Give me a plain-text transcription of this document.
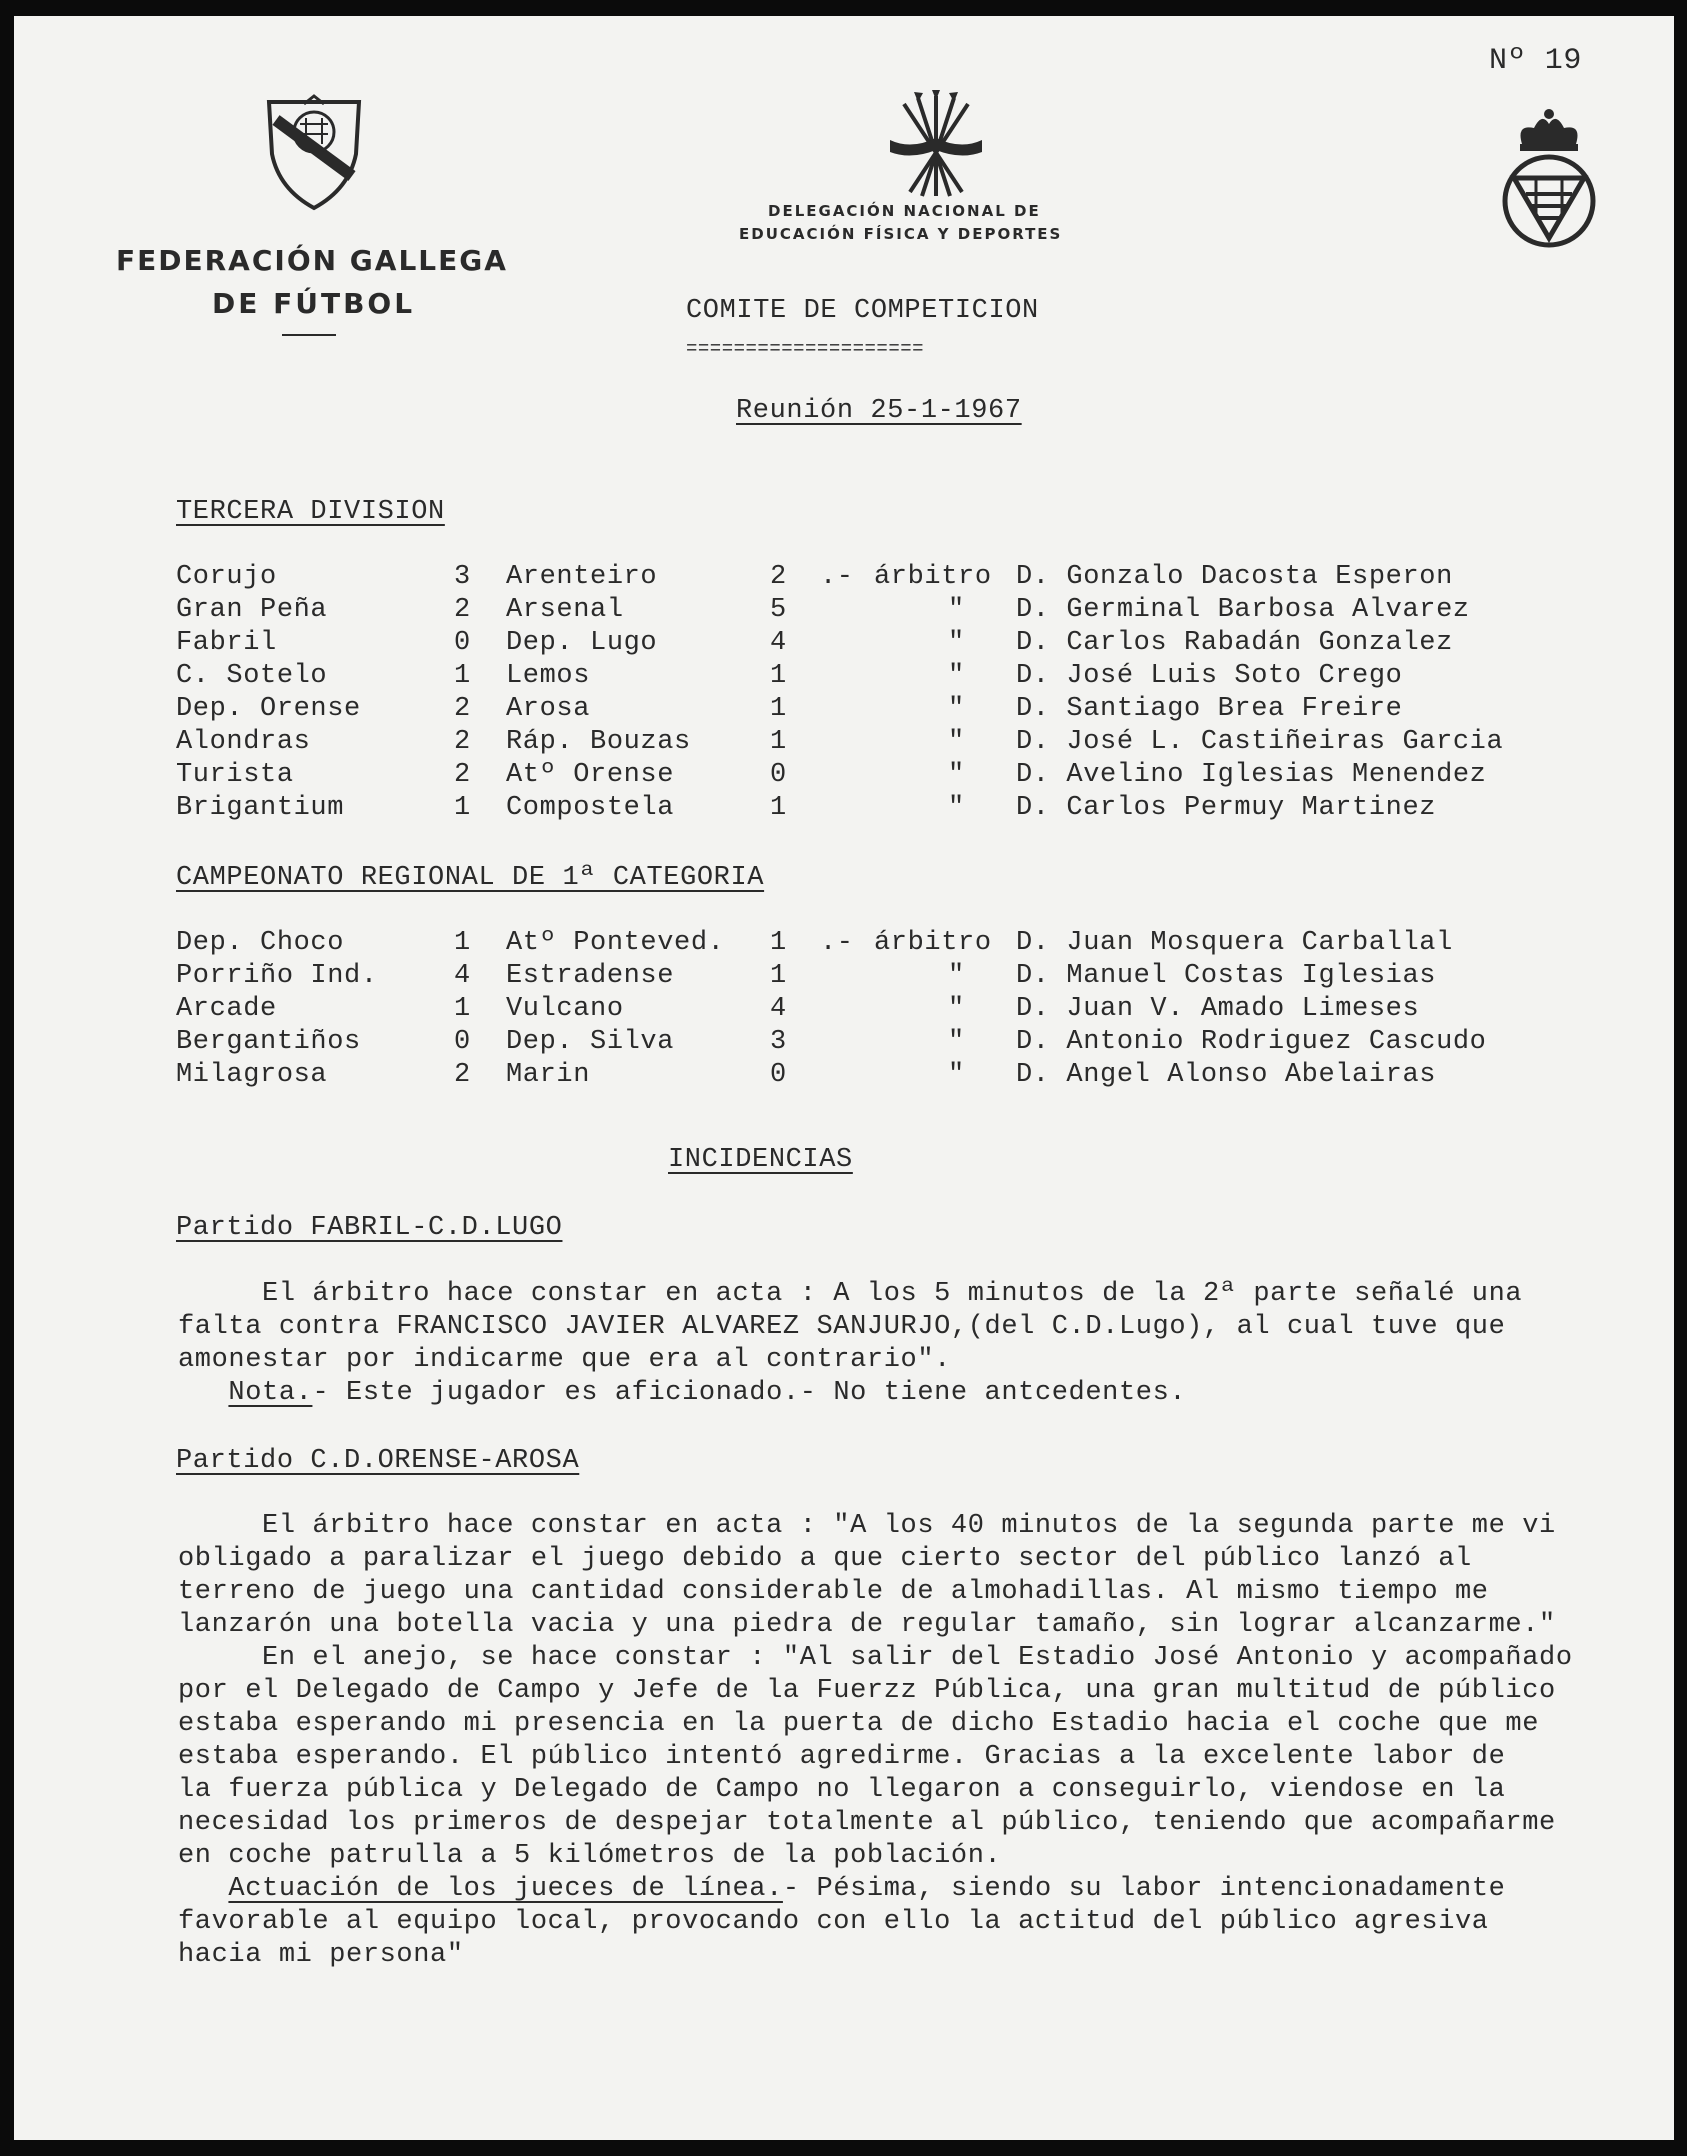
Nº 19
FEDERACIÓN GALLEGA
DE FÚTBOL
DELEGACIÓN NACIONAL DE
EDUCACIÓN FÍSICA Y DEPORTES
COMITE DE COMPETICION
====================
Reunión 25-1-1967
TERCERA DIVISION
Corujo	3 Arenteiro	2 .- árbitro D. Gonzalo Dacosta Esperon
Gran Peña	2 Arsenal	5	" D. Germinal Barbosa Alvarez
Fabril	0 Dep. Lugo	4	" D. Carlos Rabadán Gonzalez
C. Sotelo	1 Lemos	1	" D. José Luis Soto Crego
Dep. Orense	2 Arosa	1	" D. Santiago Brea Freire
Alondras	2 Ráp. Bouzas	1	" D. José L. Castiñeiras Garcia
Turista	2 Atº Orense	0	" D. Avelino Iglesias Menendez
Brigantium	1 Compostela	1	" D. Carlos Permuy Martinez
CAMPEONATO REGIONAL DE 1ª CATEGORIA
Dep. Choco	1 Atº Ponteved. 1 .- árbitro D. Juan Mosquera Carballal
Porriño Ind.	4 Estradense	1	" D. Manuel Costas Iglesias
Arcade	1 Vulcano	4	" D. Juan V. Amado Limeses
Bergantiños	0 Dep. Silva	3	" D. Antonio Rodriguez Cascudo
Milagrosa	2 Marin	0	" D. Angel Alonso Abelairas
INCIDENCIAS
Partido FABRIL-C.D.LUGO
El árbitro hace constar en acta : A los 5 minutos de la 2ª parte señalé una
falta contra FRANCISCO JAVIER ALVAREZ SANJURJO,(del C.D.Lugo), al cual tuve que
amonestar por indicarme que era al contrario".
Nota.- Este jugador es aficionado.- No tiene antcedentes.
Partido C.D.ORENSE-AROSA
El árbitro hace constar en acta : "A los 40 minutos de la segunda parte me vi
obligado a paralizar el juego debido a que cierto sector del público lanzó al
terreno de juego una cantidad considerable de almohadillas. Al mismo tiempo me
lanzarón una botella vacia y una piedra de regular tamaño, sin lograr alcanzarme."
En el anejo, se hace constar : "Al salir del Estadio José Antonio y acompañado
por el Delegado de Campo y Jefe de la Fuerzz Pública, una gran multitud de público
estaba esperando mi presencia en la puerta de dicho Estadio hacia el coche que me
estaba esperando. El público intentó agredirme. Gracias a la excelente labor de
la fuerza pública y Delegado de Campo no llegaron a conseguirlo, viendose en la
necesidad los primeros de despejar totalmente al público, teniendo que acompañarme
en coche patrulla a 5 kilómetros de la población.
Actuación de los jueces de línea.- Pésima, siendo su labor intencionadamente
favorable al equipo local, provocando con ello la actitud del público agresiva
hacia mi persona"
